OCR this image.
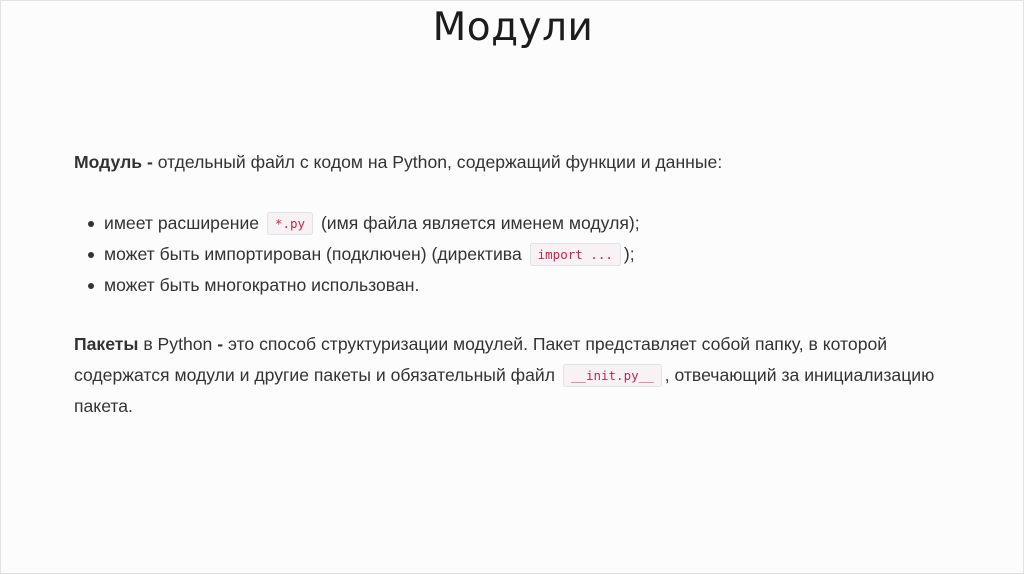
Модули

Модуль - отдельный файл с кодом на Python, содержащий функции и данные:

имеет расширение *.py (имя файла является именем модуля);
может быть импортирован (подключен) (директива import ... );
может быть многократно использован.

Пакеты в Python - это способ структуризации модулей. Пакет представляет собой папку, в которой содержатся модули и другие пакеты и обязательный файл __init.py__ , отвечающий за инициализацию пакета.
